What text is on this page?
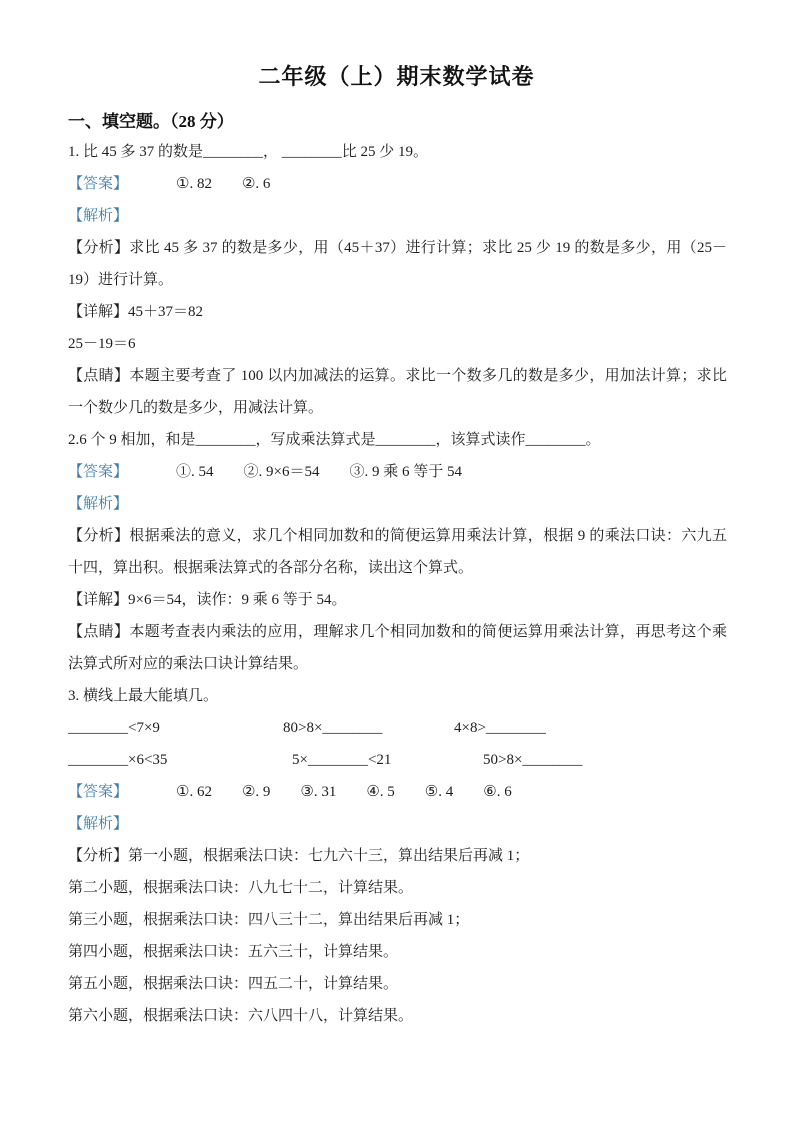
二年级（上）期末数学试卷
一、填空题。（28 分）

1. 比 45 多 37 的数是________， ________比 25 少 19。

【答案】	①. 82        ②. 6

【解析】

【分析】求比 45 多 37 的数是多少，用（45＋37）进行计算；求比 25 少 19 的数是多少，用（25－19）进行计算。

【详解】45＋37＝82

25－19＝6

【点睛】本题主要考查了 100 以内加减法的运算。求比一个数多几的数是多少，用加法计算；求比一个数少几的数是多少，用减法计算。

2.6 个 9 相加，和是________，写成乘法算式是________，该算式读作________。

【答案】	①. 54        ②. 9×6＝54        ③. 9 乘 6 等于 54

【解析】

【分析】根据乘法的意义，求几个相同加数和的简便运算用乘法计算，根据 9 的乘法口诀：六九五十四，算出积。根据乘法算式的各部分名称，读出这个算式。

【详解】9×6＝54，读作：9 乘 6 等于 54。

【点睛】本题考查表内乘法的应用，理解求几个相同加数和的简便运算用乘法计算，再思考这个乘法算式所对应的乘法口诀计算结果。

3. 横线上最大能填几。

________<7×9	80>8×________	4×8>________

________×6<35	5×________<21	50>8×________

【答案】	①. 62        ②. 9        ③. 31        ④. 5        ⑤. 4        ⑥. 6

【解析】

【分析】第一小题，根据乘法口诀：七九六十三，算出结果后再减 1；

第二小题，根据乘法口诀：八九七十二，计算结果。

第三小题，根据乘法口诀：四八三十二，算出结果后再减 1；

第四小题，根据乘法口诀：五六三十，计算结果。

第五小题，根据乘法口诀：四五二十，计算结果。

第六小题，根据乘法口诀：六八四十八，计算结果。
